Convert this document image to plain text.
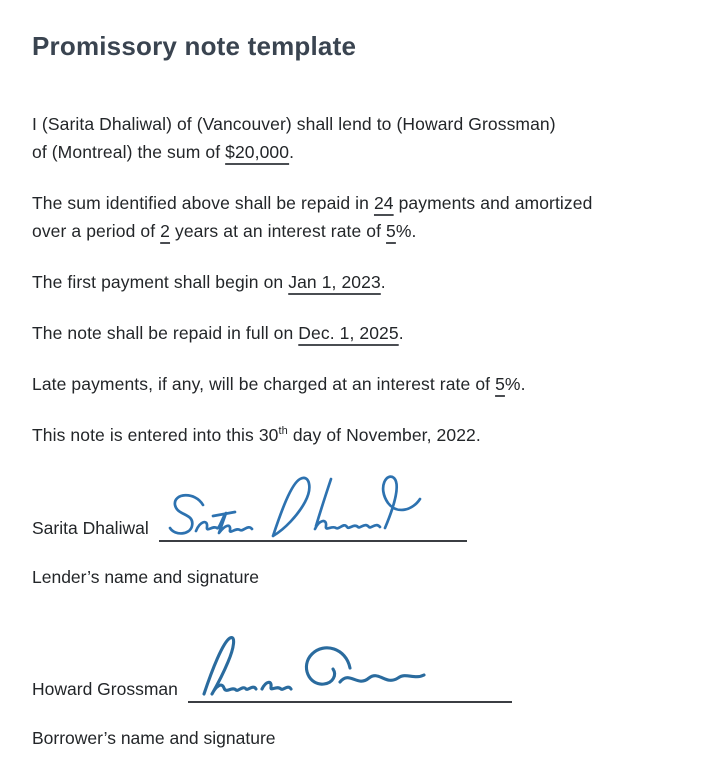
Promissory note template

I (Sarita Dhaliwal) of (Vancouver) shall lend to (Howard Grossman)
of (Montreal) the sum of $20,000.

The sum identified above shall be repaid in 24 payments and amortized
over a period of 2 years at an interest rate of 5%.

The first payment shall begin on Jan 1, 2023.

The note shall be repaid in full on Dec. 1, 2025.

Late payments, if any, will be charged at an interest rate of 5%.

This note is entered into this 30th day of November, 2022.

Sarita Dhaliwal
Lender’s name and signature
Howard Grossman
Borrower’s name and signature
